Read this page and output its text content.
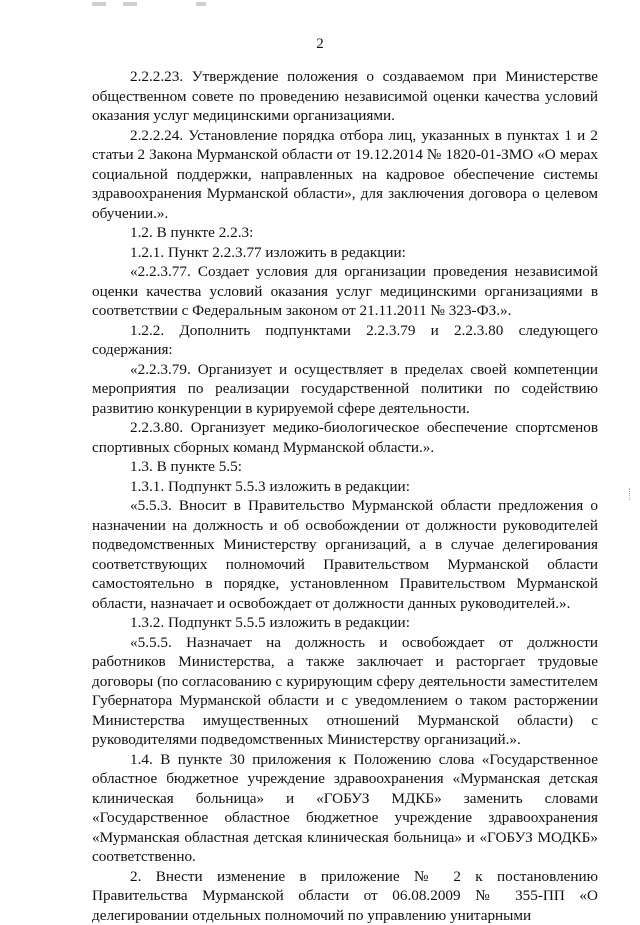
2

2.2.2.23. Утверждение положения о создаваемом при Министерстве общественном совете по проведению независимой оценки качества условий оказания услуг медицинскими организациями.

2.2.2.24. Установление порядка отбора лиц, указанных в пунктах 1 и 2 статьи 2 Закона Мурманской области от 19.12.2014 № 1820-01-ЗМО «О мерах социальной поддержки, направленных на кадровое обеспечение системы здравоохранения Мурманской области», для заключения договора о целевом обучении.».

1.2. В пункте 2.2.3:

1.2.1. Пункт 2.2.3.77 изложить в редакции:

«2.2.3.77. Создает условия для организации проведения независимой оценки качества условий оказания услуг медицинскими организациями в соответствии с Федеральным законом от 21.11.2011 № 323-ФЗ.».

1.2.2. Дополнить подпунктами 2.2.3.79 и 2.2.3.80 следующего содержания:

«2.2.3.79. Организует и осуществляет в пределах своей компетенции мероприятия по реализации государственной политики по содействию развитию конкуренции в курируемой сфере деятельности.

2.2.3.80. Организует медико-биологическое обеспечение спортсменов спортивных сборных команд Мурманской области.».

1.3. В пункте 5.5:

1.3.1. Подпункт 5.5.3 изложить в редакции:

«5.5.3. Вносит в Правительство Мурманской области предложения о назначении на должность и об освобождении от должности руководителей подведомственных Министерству организаций, а в случае делегирования соответствующих полномочий Правительством Мурманской области самостоятельно в порядке, установленном Правительством Мурманской области, назначает и освобождает от должности данных руководителей.».

1.3.2. Подпункт 5.5.5 изложить в редакции:

«5.5.5. Назначает на должность и освобождает от должности работников Министерства, а также заключает и расторгает трудовые договоры (по согласованию с курирующим сферу деятельности заместителем Губернатора Мурманской области и с уведомлением о таком расторжении Министерства имущественных отношений Мурманской области) с руководителями подведомственных Министерству организаций.».

1.4. В пункте 30 приложения к Положению слова «Государственное областное бюджетное учреждение здравоохранения «Мурманская детская клиническая больница» и «ГОБУЗ МДКБ» заменить словами «Государственное областное бюджетное учреждение здравоохранения «Мурманская областная детская клиническая больница» и «ГОБУЗ МОДКБ» соответственно.

2. Внести изменение в приложение № 2 к постановлению Правительства Мурманской области от 06.08.2009 № 355-ПП «О делегировании отдельных полномочий по управлению унитарными
